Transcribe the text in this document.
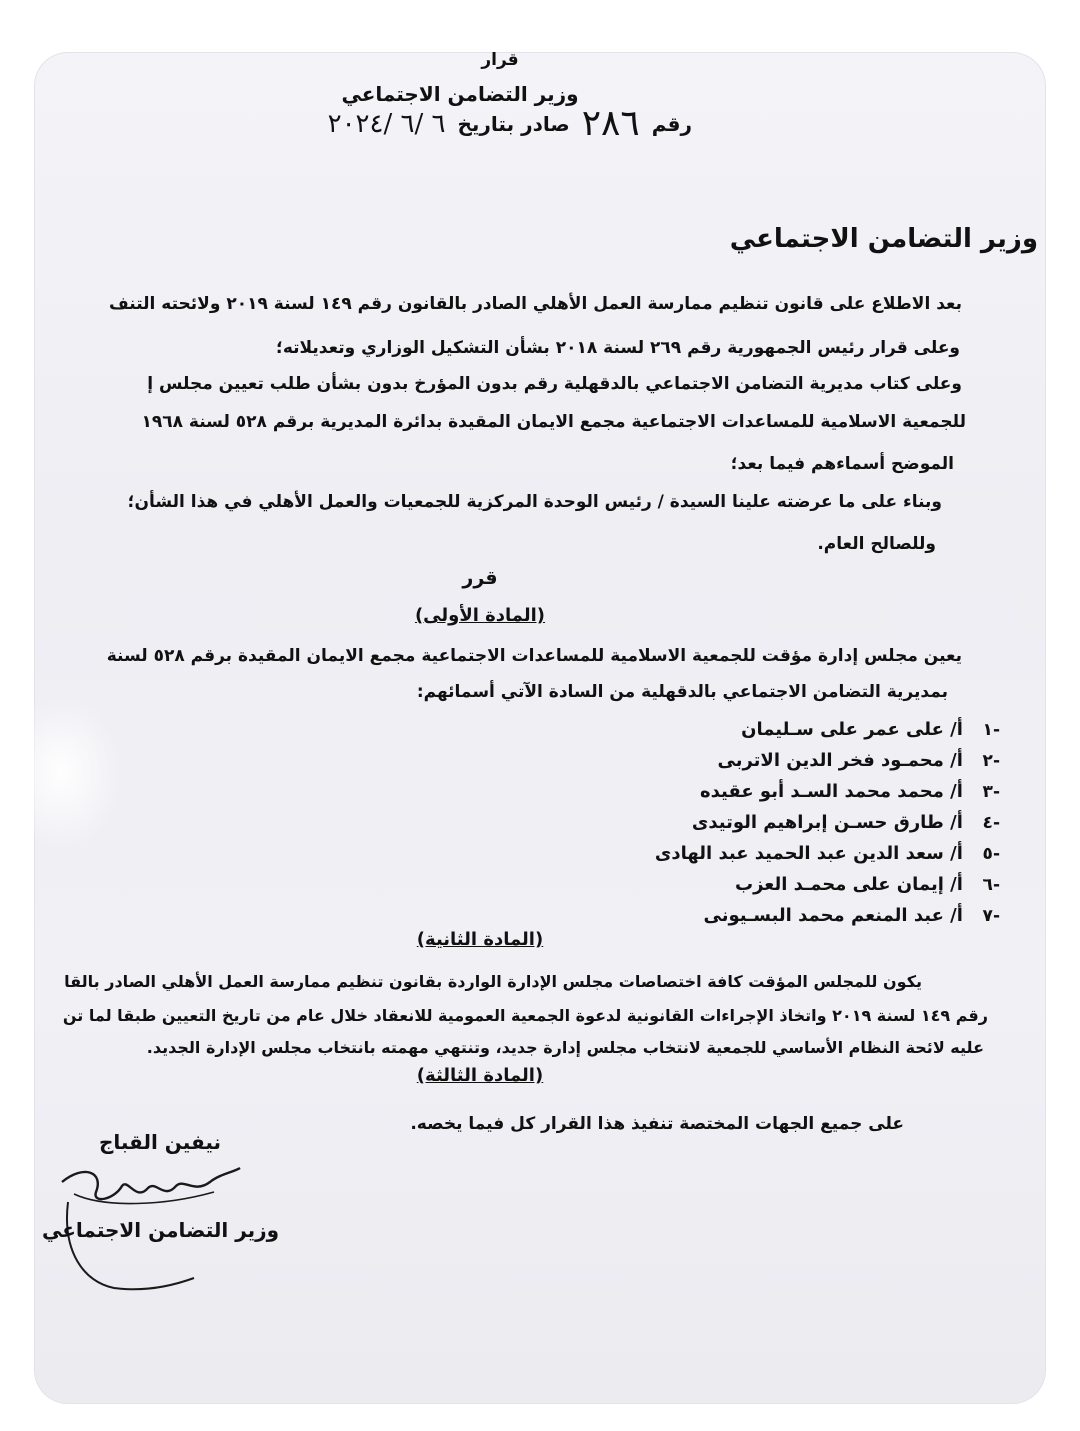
قرار
وزير التضامن الاجتماعي
رقم
٢٨٦
صادر بتاريخ
٦ /٦ /٢٠٢٤
وزير التضامن الاجتماعي
بعد الاطلاع على قانون تنظيم ممارسة العمل الأهلي الصادر بالقانون رقم ١٤٩ لسنة ٢٠١٩ ولائحته التنف
وعلى قرار رئيس الجمهورية رقم ٢٦٩ لسنة ٢٠١٨ بشأن التشكيل الوزاري وتعديلاته؛
وعلى كتاب مديرية التضامن الاجتماعي بالدقهلية رقم بدون المؤرخ بدون بشأن طلب تعيين مجلس إ
للجمعية الاسلامية للمساعدات الاجتماعية مجمع الايمان المقيدة بدائرة المديرية برقم ٥٢٨ لسنة ١٩٦٨
الموضح أسماءهم فيما بعد؛
وبناء على ما عرضته علينا السيدة / رئيس الوحدة المركزية للجمعيات والعمل الأهلي في هذا الشأن؛
وللصالح العام.
قرر
(المادة الأولى)
يعين مجلس إدارة مؤقت للجمعية الاسلامية للمساعدات الاجتماعية مجمع الايمان المقيدة برقم ٥٢٨ لسنة
بمديرية التضامن الاجتماعي بالدقهلية من السادة الآتي أسمائهم:
-١ أ/ على عمر على سـليمان
-٢ أ/ محمـود فخر الدين الاتربى
-٣ أ/ محمد محمد السـد أبو عقيده
-٤ أ/ طارق حسـن إبراهيم الوتيدى
-٥ أ/ سعد الدين عبد الحميد عبد الهادى
-٦ أ/ إيمان على محمـد العزب
-٧ أ/ عبد المنعم محمد البسـيونى
(المادة الثانية)
يكون للمجلس المؤقت كافة اختصاصات مجلس الإدارة الواردة بقانون تنظيم ممارسة العمل الأهلي الصادر بالقا
رقم ١٤٩ لسنة ٢٠١٩ واتخاذ الإجراءات القانونية لدعوة الجمعية العمومية للانعقاد خلال عام من تاريخ التعيين طبقا لما تن
عليه لائحة النظام الأساسي للجمعية لانتخاب مجلس إدارة جديد، وتنتهي مهمته بانتخاب مجلس الإدارة الجديد.
(المادة الثالثة)
على جميع الجهات المختصة تنفيذ هذا القرار كل فيما يخصه.
نيفين القباج
وزير التضامن الاجتماعي
